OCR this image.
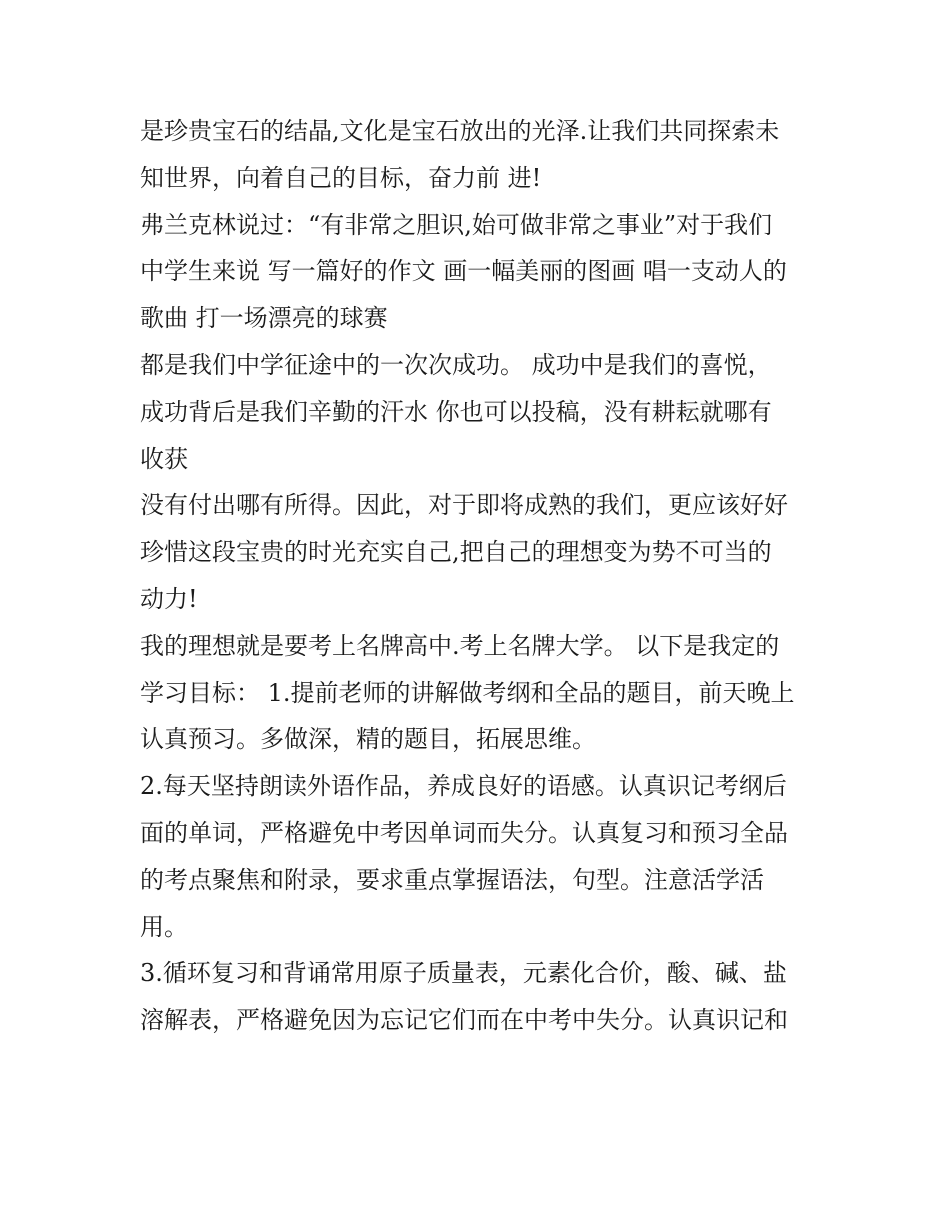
是珍贵宝石的结晶,文化是宝石放出的光泽.让我们共同探索未
知世界，向着自己的目标，奋力前 进!
弗兰克林说过：“有非常之胆识,始可做非常之事业”对于我们
中学生来说 写一篇好的作文 画一幅美丽的图画 唱一支动人的
歌曲 打一场漂亮的球赛
都是我们中学征途中的一次次成功。 成功中是我们的喜悦，
成功背后是我们辛勤的汗水 你也可以投稿，没有耕耘就哪有
收获
没有付出哪有所得。因此，对于即将成熟的我们，更应该好好
珍惜这段宝贵的时光充实自己,把自己的理想变为势不可当的
动力!
我的理想就是要考上名牌高中.考上名牌大学。 以下是我定的
学习目标： 1.提前老师的讲解做考纲和全品的题目，前天晚上
认真预习。多做深，精的题目，拓展思维。
2.每天坚持朗读外语作品，养成良好的语感。认真识记考纲后
面的单词，严格避免中考因单词而失分。认真复习和预习全品
的考点聚焦和附录，要求重点掌握语法，句型。注意活学活
用。
3.循环复习和背诵常用原子质量表，元素化合价，酸、碱、盐
溶解表，严格避免因为忘记它们而在中考中失分。认真识记和
